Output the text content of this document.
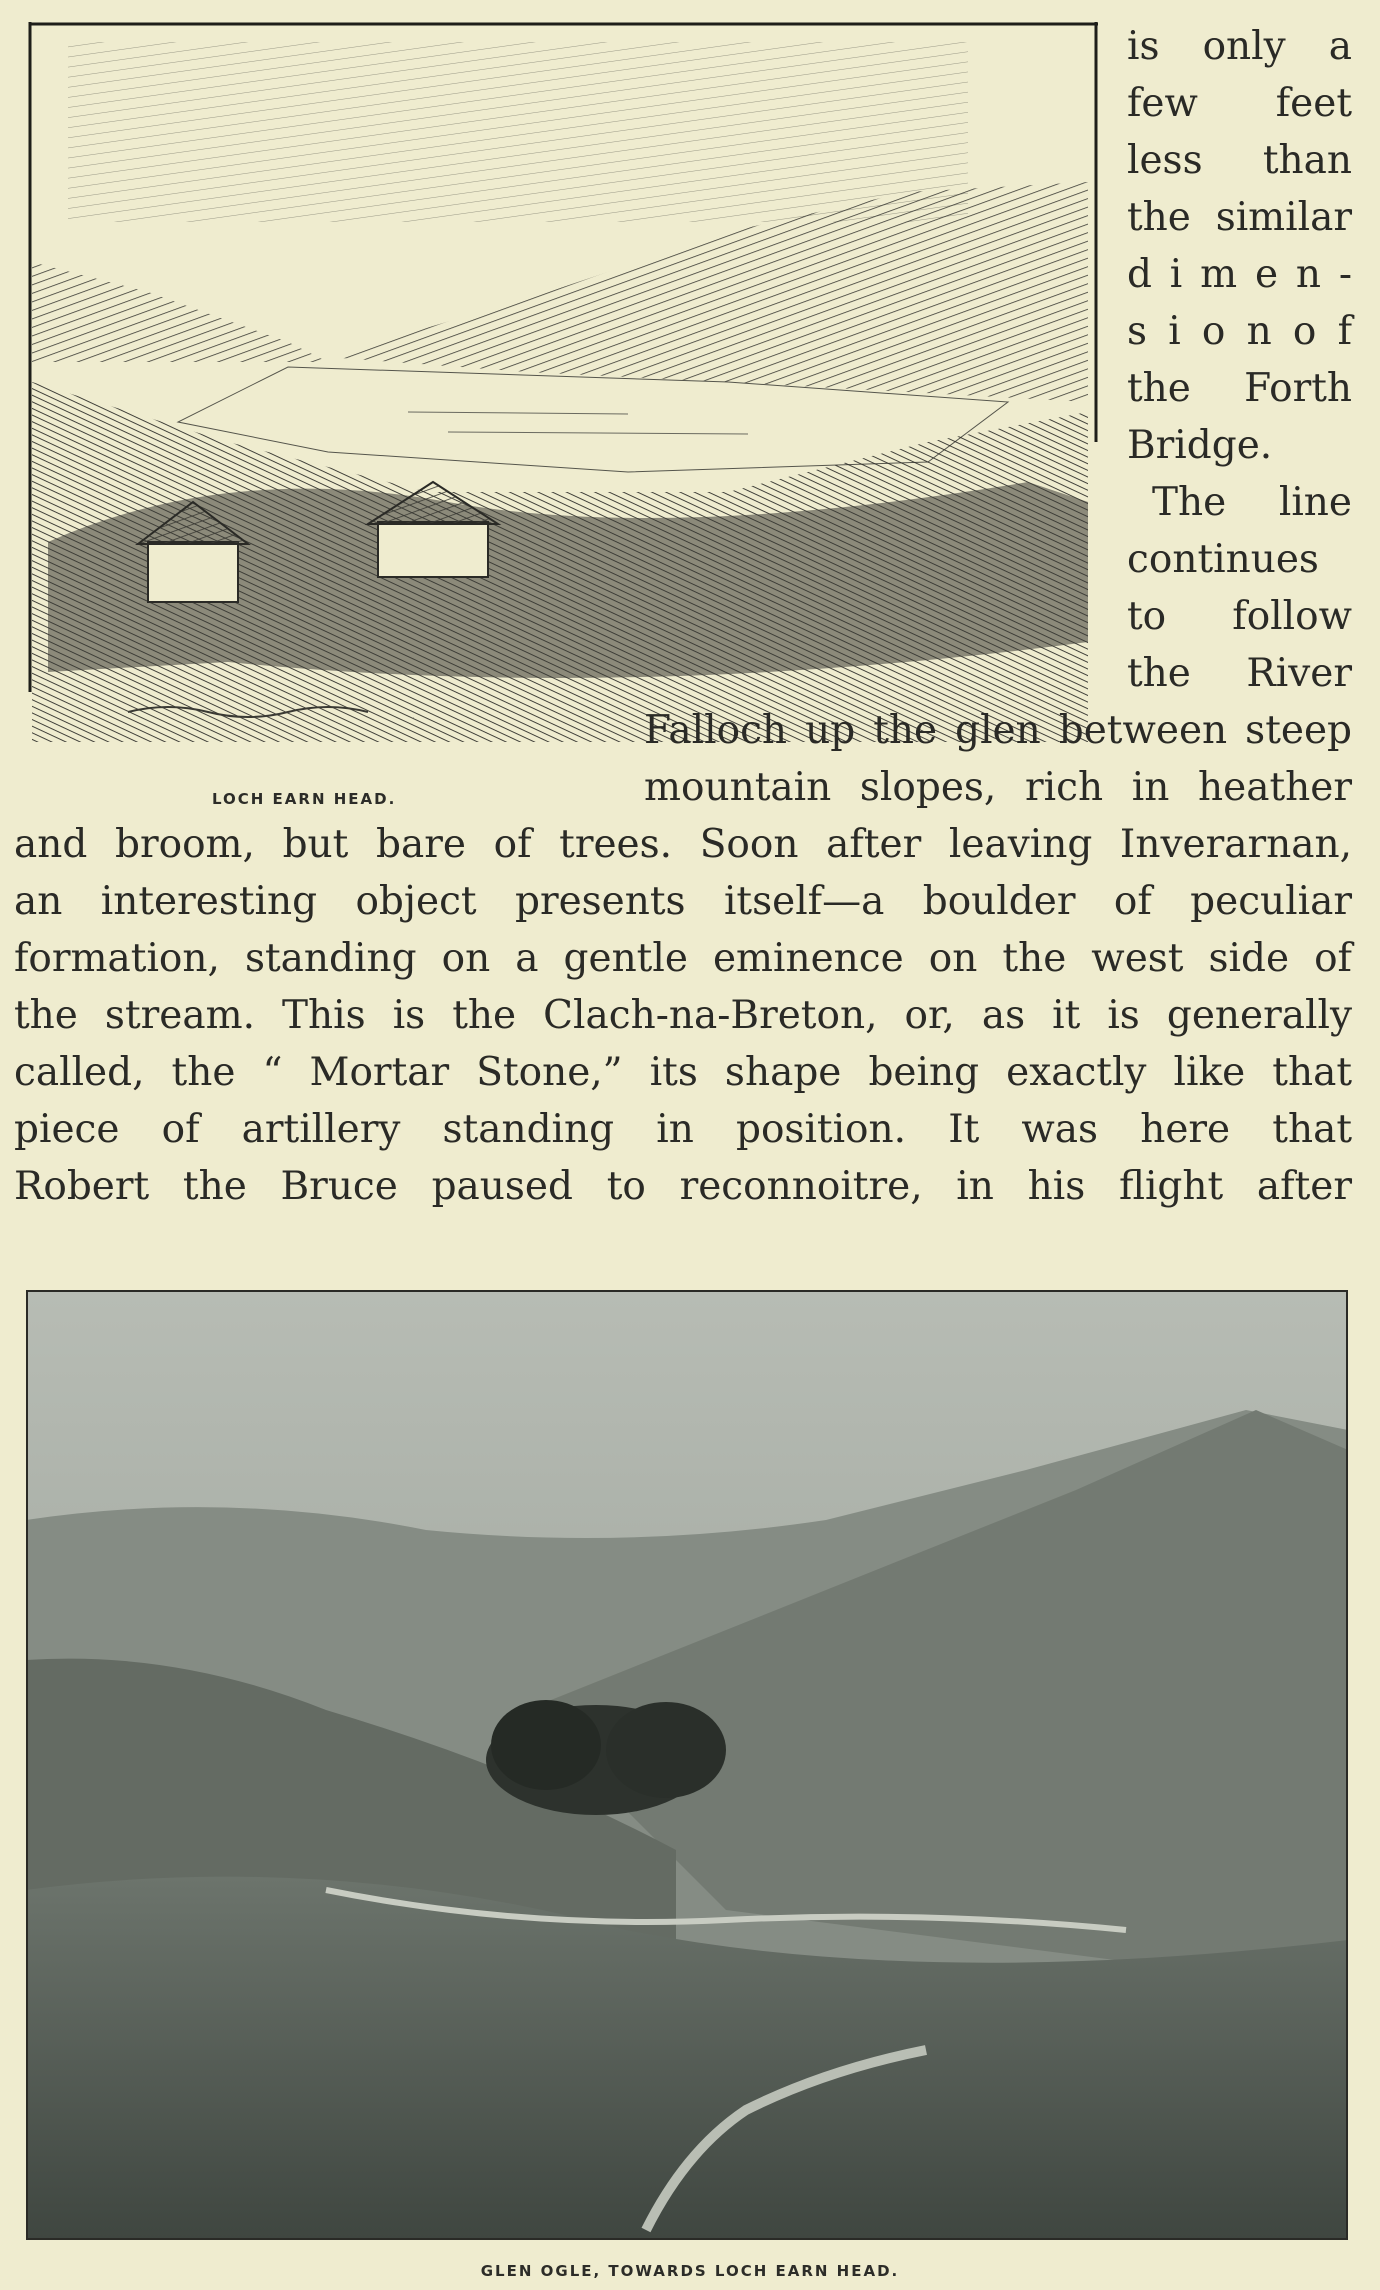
LOCH EARN HEAD.
is only a
few feet
less than
the similar
d i m e n -
s i o n o f
the Forth
Bridge.
The line
continues
to follow
the River
Falloch up the glen between steep
mountain slopes, rich in heather
and broom, but bare of trees. Soon after leaving Inverarnan,
an interesting object presents itself—a boulder of peculiar
formation, standing on a gentle eminence on the west side of
the stream. This is the Clach-na-Breton, or, as it is generally
called, the “ Mortar Stone,” its shape being exactly like that
piece of artillery standing in position. It was here that
Robert the Bruce paused to reconnoitre, in his flight after
GLEN OGLE, TOWARDS LOCH EARN HEAD.
